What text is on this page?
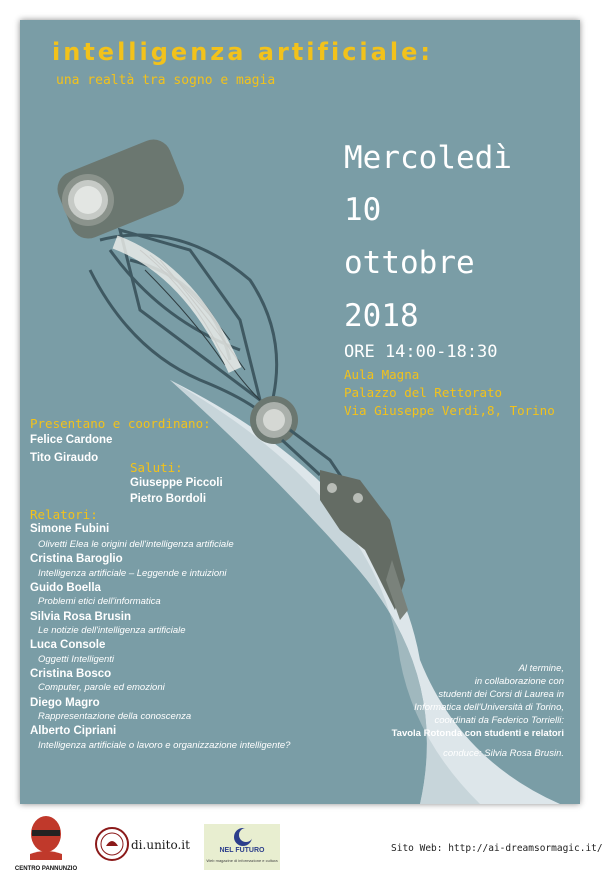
intelligenza artificiale:
una realtà tra sogno e magia
Mercoledì
10
ottobre
2018
ORE 14:00-18:30
Aula Magna
Palazzo del Rettorato
Via Giuseppe Verdi,8, Torino
Presentano e coordinano:
Felice Cardone
Tito Giraudo
Saluti:
Giuseppe Piccoli
Pietro Bordoli
Relatori:
Simone Fubini
Olivetti Elea le origini dell'intelligenza artificiale
Cristina Baroglio
Intelligenza artificiale – Leggende e intuizioni
Guido Boella
Problemi etici dell'informatica
Silvia Rosa Brusin
Le notizie dell'intelligenza artificiale
Luca Console
Oggetti Intelligenti
Cristina Bosco
Computer, parole ed emozioni
Diego Magro
Rappresentazione della conoscenza
Alberto Cipriani
Intelligenza artificiale o lavoro e organizzazione intelligente?
Al termine,
in collaborazione con
studenti dei Corsi di Laurea in
Informatica dell'Università di Torino,
coordinati da Federico Torrielli:
Tavola Rotonda con studenti e relatori
conduce: Silvia Rosa Brusin.
CENTRO PANNUNZIO
di.unito.it	NEL FUTURO
Web magazine di informazione e cultura
Sito Web: http://ai-dreamsormagic.it/
